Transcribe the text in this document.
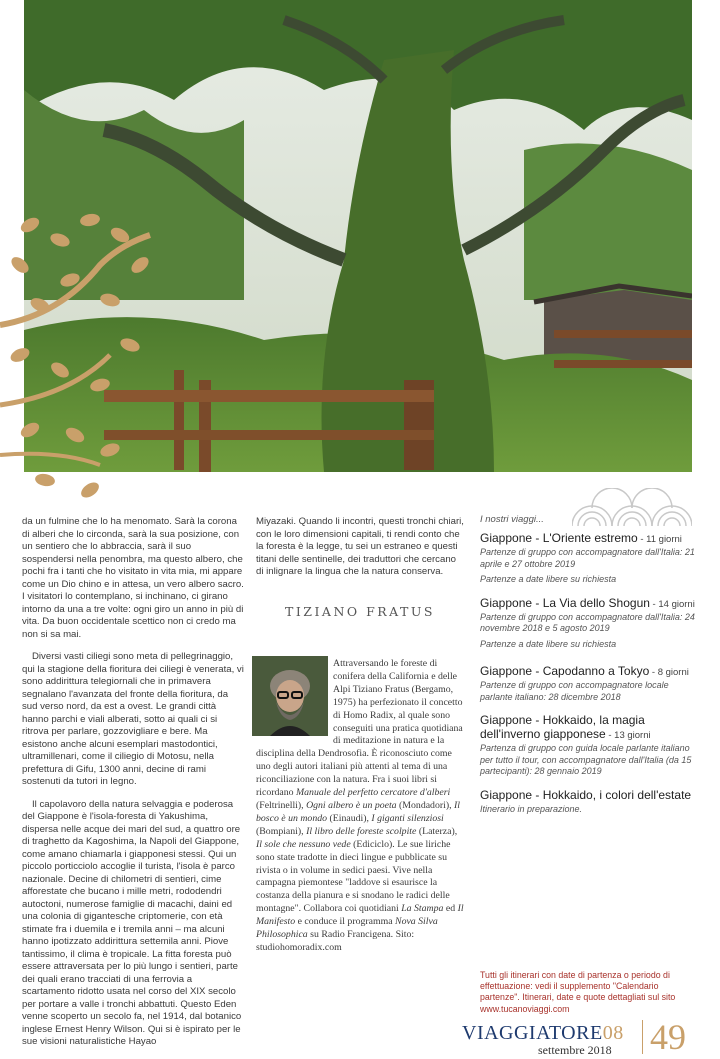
da un fulmine che lo ha menomato. Sarà la corona di alberi che lo circonda, sarà la sua posizione, con un sentiero che lo abbraccia, sarà il suo sospendersi nella penombra, ma questo albero, che pochi fra i tanti che ho visitato in vita mia, mi appare come un Dio chino e in attesa, un vero albero sacro. I visitatori lo contemplano, si inchinano, ci girano intorno da una a tre volte: ogni giro un anno in più di vita. Da buon occidentale scettico non ci credo ma non si sa mai.

Diversi vasti ciliegi sono meta di pellegrinaggio, qui la stagione della fioritura dei ciliegi è venerata, vi sono addirittura telegiornali che in primavera segnalano l'avanzata del fronte della fioritura, da sud verso nord, da est a ovest. Le grandi città hanno parchi e viali alberati, sotto ai quali ci si ritrova per parlare, gozzovigliare e bere. Ma esistono anche alcuni esemplari mastodontici, ultramillenari, come il ciliegio di Motosu, nella prefettura di Gifu, 1300 anni, decine di rami sostenuti da tutori in legno.

Il capolavoro della natura selvaggia e poderosa del Giappone è l'isola-foresta di Yakushima, dispersa nelle acque dei mari del sud, a quattro ore di traghetto da Kagoshima, la Napoli del Giappone, come amano chiamarla i giapponesi stessi. Qui un piccolo porticciolo accoglie il turista, l'isola è parco nazionale. Decine di chilometri di sentieri, cime afforestate che bucano i mille metri, rododendri autoctoni, numerose famiglie di macachi, daini ed una colonia di gigantesche criptomerie, con età stimate fra i duemila e i tremila anni – ma alcuni hanno ipotizzato addirittura settemila anni. Piove tantissimo, il clima è tropicale. La fitta foresta può essere attraversata per lo più lungo i sentieri, parte dei quali erano tracciati di una ferrovia a scartamento ridotto usata nel corso del XIX secolo per portare a valle i tronchi abbattuti. Questo Eden venne scoperto un secolo fa, nel 1914, dal botanico inglese Ernest Henry Wilson. Qui si è ispirato per le sue visioni naturalistiche Hayao

Miyazaki. Quando li incontri, questi tronchi chiari, con le loro dimensioni capitali, ti rendi conto che la foresta è la legge, tu sei un estraneo e questi titani delle sentinelle, dei traduttori che cercano di inlignare la lingua che la natura conserva.

TIZIANO FRATUS
Attraversando le foreste di conifera della California e delle Alpi Tiziano Fratus (Bergamo, 1975) ha perfezionato il concetto di Homo Radix, al quale sono conseguiti una pratica quotidiana di meditazione in natura e la disciplina della Dendrosofia. È riconosciuto come uno degli autori italiani più attenti al tema di una riconciliazione con la natura. Fra i suoi libri si ricordano Manuale del perfetto cercatore d'alberi (Feltrinelli), Ogni albero è un poeta (Mondadori), Il bosco è un mondo (Einaudi), I giganti silenziosi (Bompiani), Il libro delle foreste scolpite (Laterza), Il sole che nessuno vede (Ediciclo). Le sue liriche sono state tradotte in dieci lingue e pubblicate su rivista o in volume in sedici paesi. Vive nella campagna piemontese "laddove si esaurisce la costanza della pianura e si snodano le radici delle montagne". Collabora coi quotidiani La Stampa ed Il Manifesto e conduce il programma Nova Silva Philosophica su Radio Francigena. Sito: studiohomoradix.com
I nostri viaggi...
Giappone - L'Oriente estremo - 11 giorni
Partenze di gruppo con accompagnatore dall'Italia: 21 aprile e 27 ottobre 2019
Partenze a date libere su richiesta
Giappone - La Via dello Shogun - 14 giorni
Partenze di gruppo con accompagnatore dall'Italia: 24 novembre 2018 e 5 agosto 2019
Partenze a date libere su richiesta
Giappone - Capodanno a Tokyo - 8 giorni
Partenze di gruppo con accompagnatore locale parlante italiano: 28 dicembre 2018
Giappone - Hokkaido, la magia dell'inverno giapponese - 13 giorni
Partenza di gruppo con guida locale parlante italiano per tutto il tour, con accompagnatore dall'Italia (da 15 partecipanti): 28 gennaio 2019
Giappone - Hokkaido, i colori dell'estate
Itinerario in preparazione.
Tutti gli itinerari con date di partenza o periodo di effettuazione: vedi il supplemento "Calendario partenze". Itinerari, date e quote dettagliati sul sito www.tucanoviaggi.com
VIAGGIATORE08
settembre 2018 49
